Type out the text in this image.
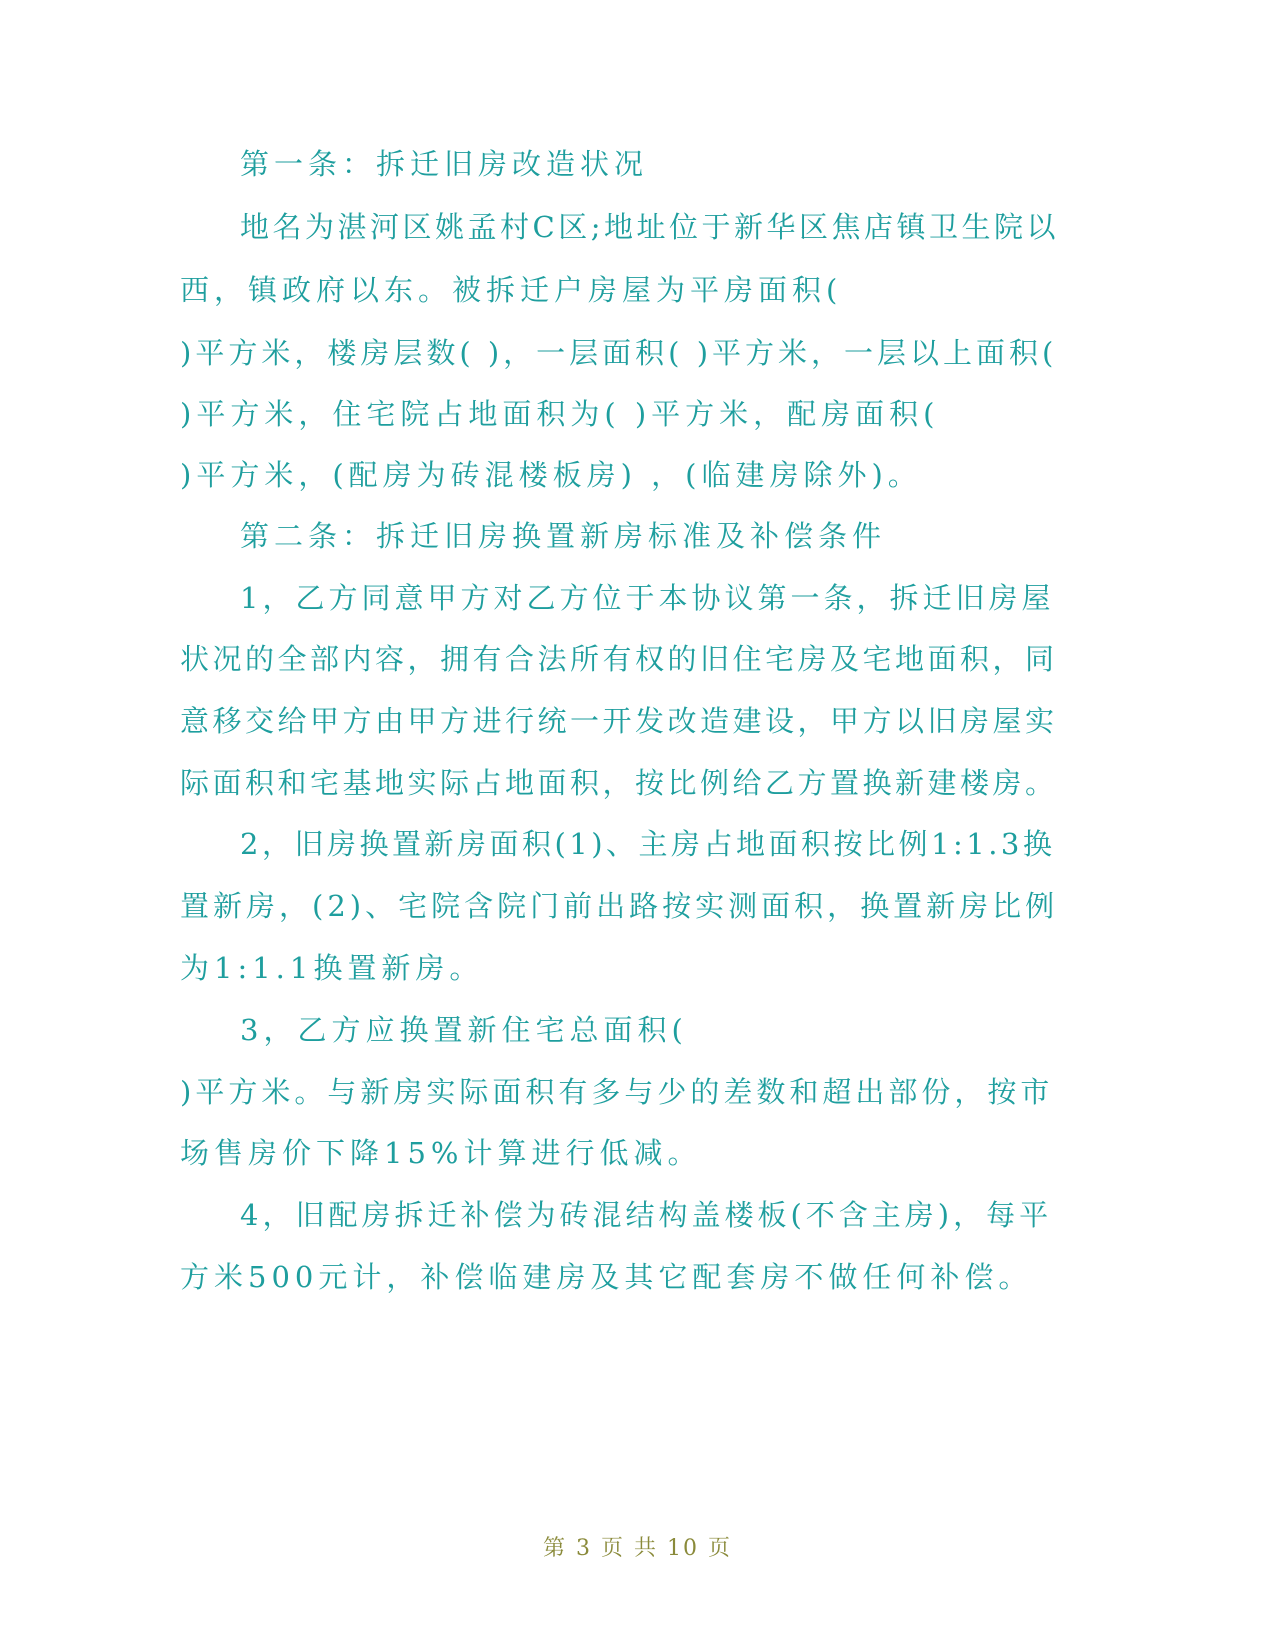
第一条：拆迁旧房改造状况
地名为湛河区姚孟村C区;地址位于新华区焦店镇卫生院以
西，镇政府以东。被拆迁户房屋为平房面积(
)平方米，楼房层数( )，一层面积( )平方米，一层以上面积(
)平方米，住宅院占地面积为( )平方米，配房面积(
)平方米，(配房为砖混楼板房) ，(临建房除外)。
第二条：拆迁旧房换置新房标准及补偿条件
1，乙方同意甲方对乙方位于本协议第一条，拆迁旧房屋
状况的全部内容，拥有合法所有权的旧住宅房及宅地面积，同
意移交给甲方由甲方进行统一开发改造建设，甲方以旧房屋实
际面积和宅基地实际占地面积，按比例给乙方置换新建楼房。
2，旧房换置新房面积(1)、主房占地面积按比例1:1.3换
置新房，(2)、宅院含院门前出路按实测面积，换置新房比例
为1:1.1换置新房。
3，乙方应换置新住宅总面积(
)平方米。与新房实际面积有多与少的差数和超出部份，按市
场售房价下降15%计算进行低减。
4，旧配房拆迁补偿为砖混结构盖楼板(不含主房)，每平
方米500元计，补偿临建房及其它配套房不做任何补偿。
第 3 页 共 10 页
